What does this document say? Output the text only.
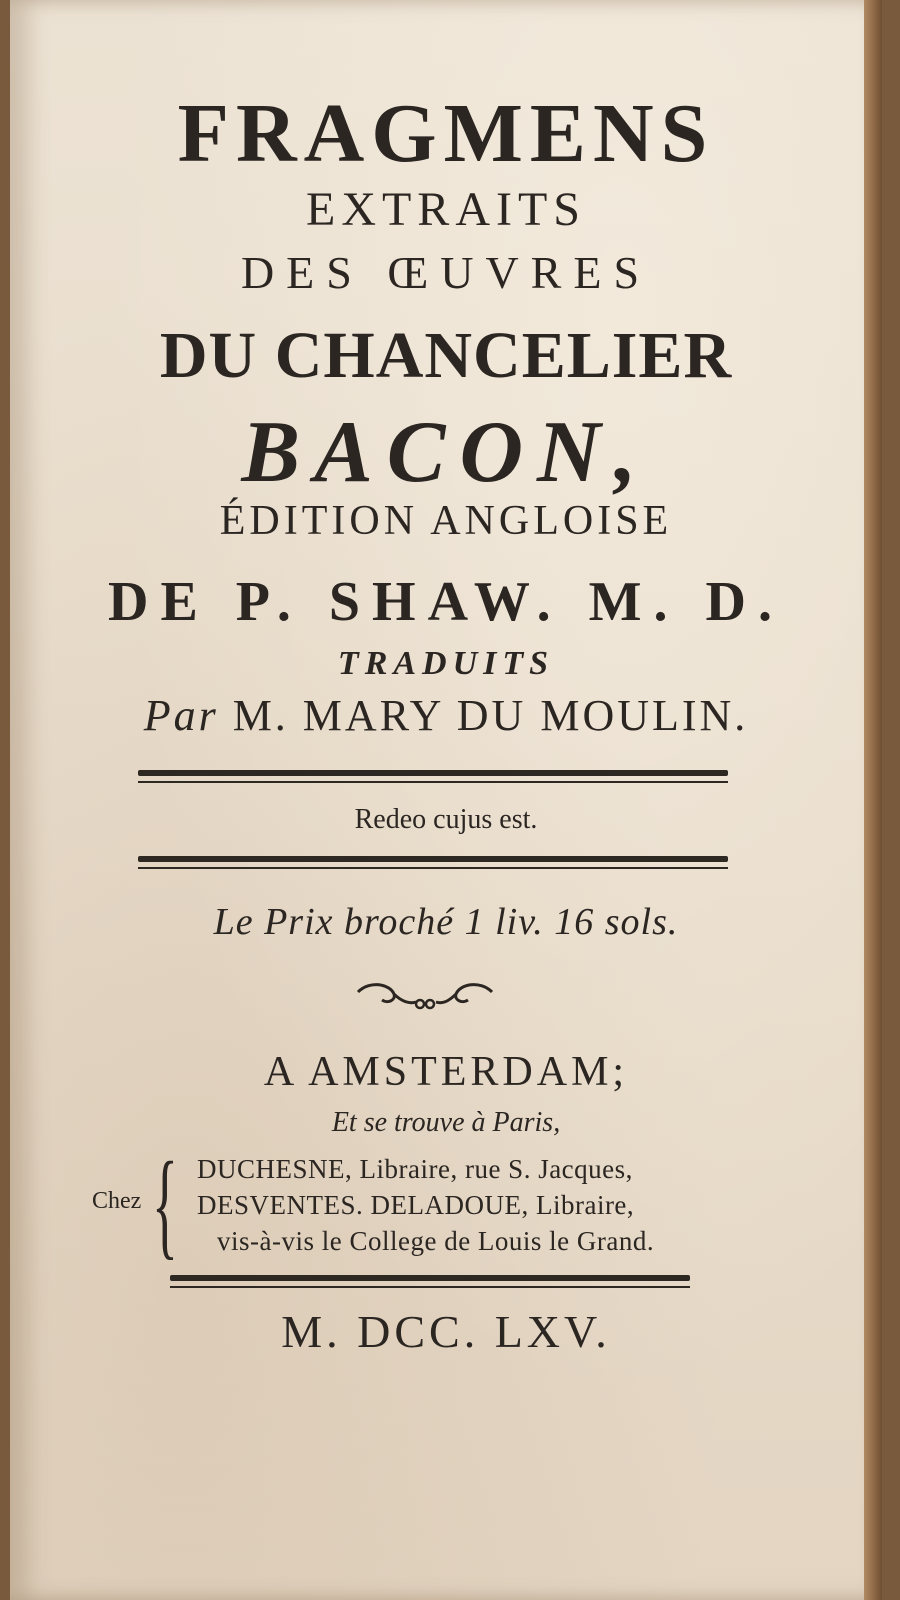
FRAGMENS
EXTRAITS
DES ŒUVRES
DU CHANCELIER
BACON,
ÉDITION ANGLOISE
DE P. SHAW. M. D.
TRADUITS
Par M. MARY DU MOULIN.
Redeo cujus est.
Le Prix broché 1 liv. 16 sols.
A AMSTERDAM;
Et se trouve à Paris,
Chez { DUCHESNE, Libraire, rue S. Jacques,
DESVENTES. DELADOUE, Libraire,
vis-à-vis le College de Louis le Grand.
M. DCC. LXV.
